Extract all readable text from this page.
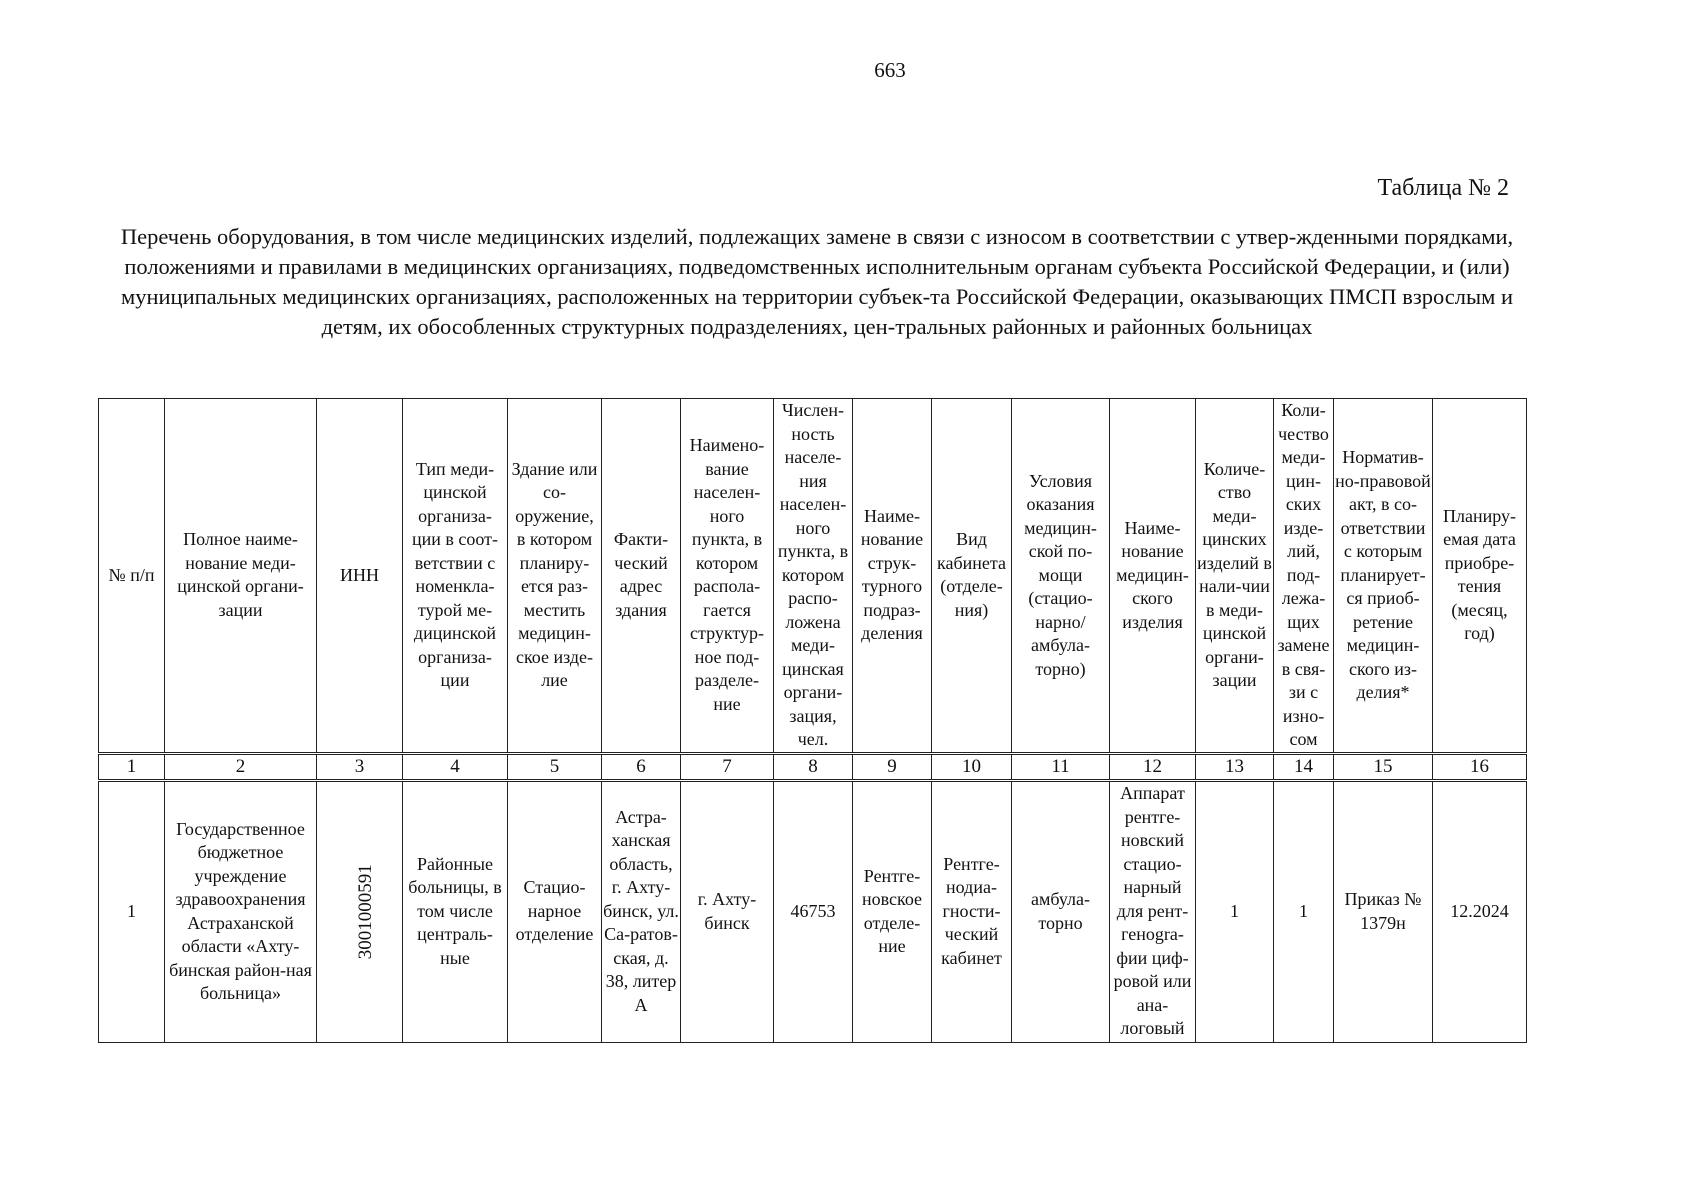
663
Таблица № 2
Перечень оборудования, в том числе медицинских изделий, подлежащих замене в связи с износом в соответствии с утвер-жденными порядками, положениями и правилами в медицинских организациях, подведомственных исполнительным органам субъекта Российской Федерации, и (или) муниципальных медицинских организациях, расположенных на территории субъек-та Российской Федерации, оказывающих ПМСП взрослым и детям, их обособленных структурных подразделениях, цен-тральных районных и районных больницах
№ п/п	Полное наиме-нование меди-цинской органи-зации	ИНН	Тип меди-цинской организа-ции в соот-ветствии с номенкла-турой ме-дицинской организа-ции	Здание или со-оружение, в котором планиру-ется раз-местить медицин-ское изде-лие	Факти-ческий адрес здания	Наимено-вание населен-ного пункта, в котором распола-гается структур-ное под-разделе-ние	Числен-ность населе-ния населен-ного пункта, в котором распо-ложена меди-цинская органи-зация, чел.	Наиме-нование струк-турного подраз-деления	Вид кабинета (отделе-ния)	Условия оказания медицин-ской по-мощи (стацио-нарно/ амбула-торно)	Наиме-нование медицин-ского изделия	Количе-ство меди-цинских изделий в нали-чии в меди-цинской органи-зации	Коли-чество меди-цин-ских изде-лий, под-лежа-щих замене в свя-зи с изно-сом	Норматив-но-правовой акт, в со-ответствии с которым планирует-ся приоб-ретение медицин-ского из-делия*	Планиру-емая дата приобре-тения (месяц, год)
1	2	3	4	5	6	7	8	9	10	11	12	13	14	15	16
1	Государственное бюджетное учреждение здравоохранения Астраханской области «Ахту-бинская район-ная больница»	3001000591	Районные больницы, в том числе централь-ные	Стацио-нарное отделение	Астра-ханская область, г. Ахту-бинск, ул. Са-ратов-ская, д. 38, литер А	г. Ахту-бинск	46753	Рентге-новское отделе-ние	Рентге-нодиа-гности-ческий кабинет	амбула-торно	Аппарат рентге-новский стацио-нарный для рент-генogra-фии циф-ровой или ана-логовый	1	1	Приказ № 1379н	12.2024
